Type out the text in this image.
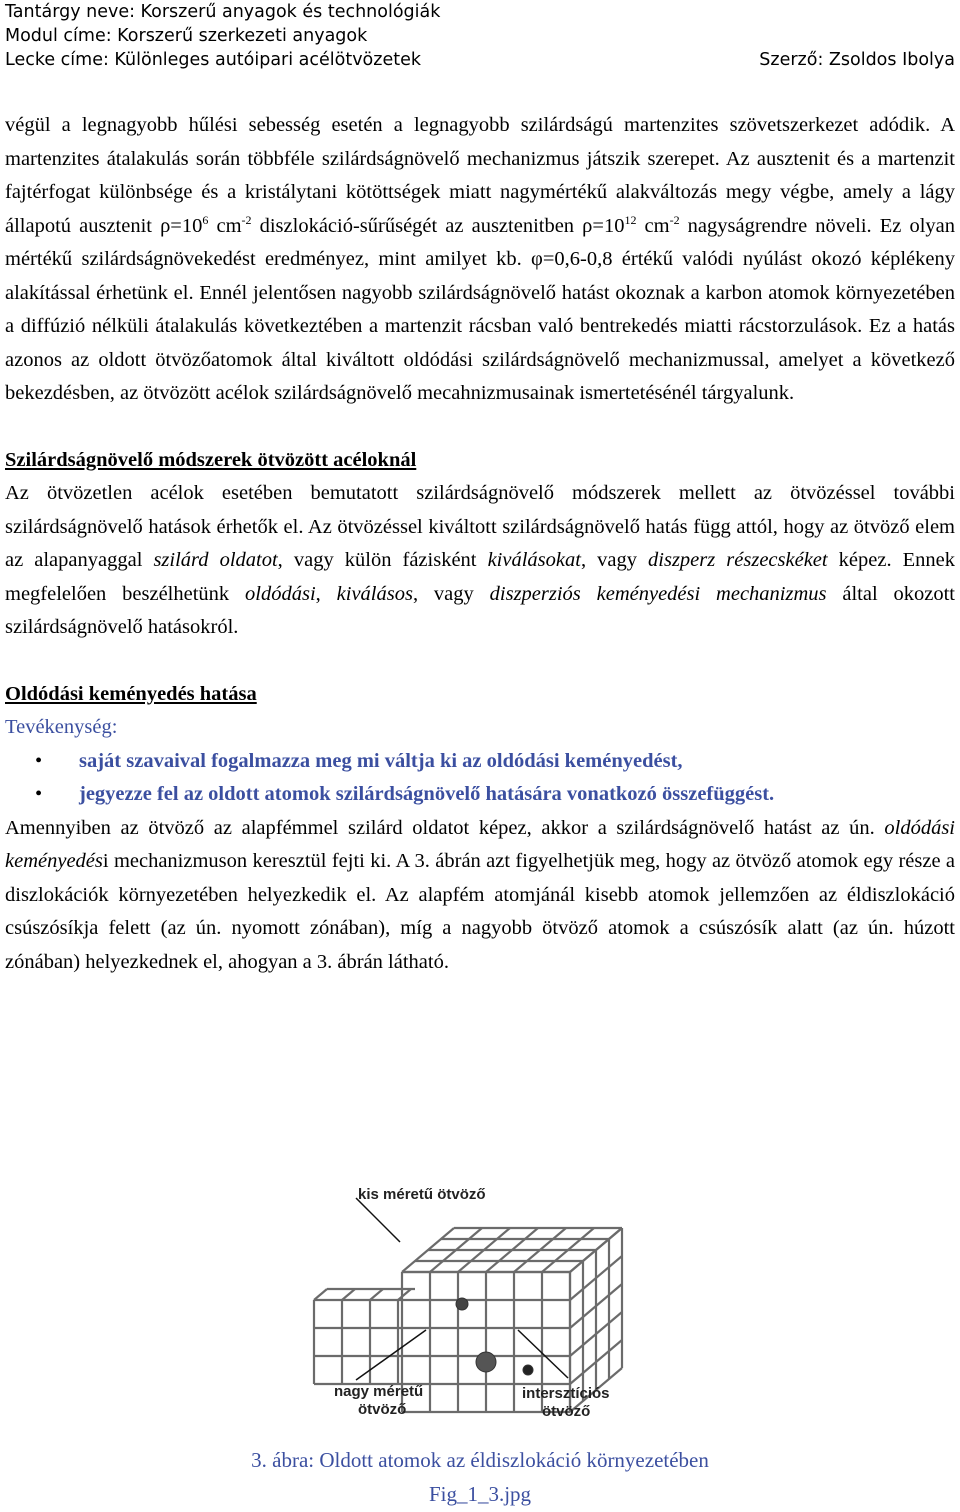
Tantárgy neve: Korszerű anyagok és technológiák
Modul címe: Korszerű szerkezeti anyagok
Lecke címe: Különleges autóipari acélötvözetek	Szerző: Zsoldos Ibolya

végül a legnagyobb hűlési sebesség esetén a legnagyobb szilárdságú martenzites szövetszerkezet adódik. A martenzites átalakulás során többféle szilárdságnövelő mechanizmus játszik szerepet. Az ausztenit és a martenzit fajtérfogat különbsége és a kristálytani kötöttségek miatt nagymértékű alakváltozás megy végbe, amely a lágy állapotú ausztenit $\rho=10^6$ $cm^{-2}$ diszlokáció-sűrűségét az ausztenitben $\rho=10^{12}$ $cm^{-2}$ nagyságrendre növeli. Ez olyan mértékű szilárdságnövekedést eredményez, mint amilyet kb. φ=0,6-0,8 értékű valódi nyúlást okozó képlékeny alakítással érhetünk el. Ennél jelentősen nagyobb szilárdságnövelő hatást okoznak a karbon atomok környezetében a diffúzió nélküli átalakulás következtében a martenzit rácsban való bentrekedés miatti rácstorzulások. Ez a hatás azonos az oldott ötvözőatomok által kiváltott oldódási szilárdságnövelő mechanizmussal, amelyet a következő bekezdésben, az ötvözött acélok szilárdságnövelő mecahnizmusainak ismertetésénél tárgyalunk.

Szilárdságnövelő módszerek ötvözött acéloknál

Az ötvözetlen acélok esetében bemutatott szilárdságnövelő módszerek mellett az ötvözéssel további szilárdságnövelő hatások érhetők el. Az ötvözéssel kiváltott szilárdságnövelő hatás függ attól, hogy az ötvöző elem az alapanyaggal szilárd oldatot, vagy külön fázisként kiválásokat, vagy diszperz részecskéket képez. Ennek megfelelően beszélhetünk oldódási, kiválásos, vagy diszperziós keményedési mechanizmus által okozott szilárdságnövelő hatásokról.

Oldódási keményedés hatása

Tevékenység:

• saját szavaival fogalmazza meg mi váltja ki az oldódási keményedést,
• jegyezze fel az oldott atomok szilárdságnövelő hatására vonatkozó összefüggést.

Amennyiben az ötvöző az alapfémmel szilárd oldatot képez, akkor a szilárdságnövelő hatást az ún. oldódási keményedési mechanizmuson keresztül fejti ki. A 3. ábrán azt figyelhetjük meg, hogy az ötvöző atomok egy része a diszlokációk környezetében helyezkedik el. Az alapfém atomjánál kisebb atomok jellemzően az éldiszlokáció csúszósíkja felett (az ún. nyomott zónában), míg a nagyobb ötvöző atomok a csúszósík alatt (az ún. húzott zónában) helyezkednek el, ahogyan a 3. ábrán látható.

kis méretű ötvöző
nagy méretű
ötvöző
intersztíciós
ötvöző
3. ábra: Oldott atomok az éldiszlokáció környezetében
Fig_1_3.jpg
